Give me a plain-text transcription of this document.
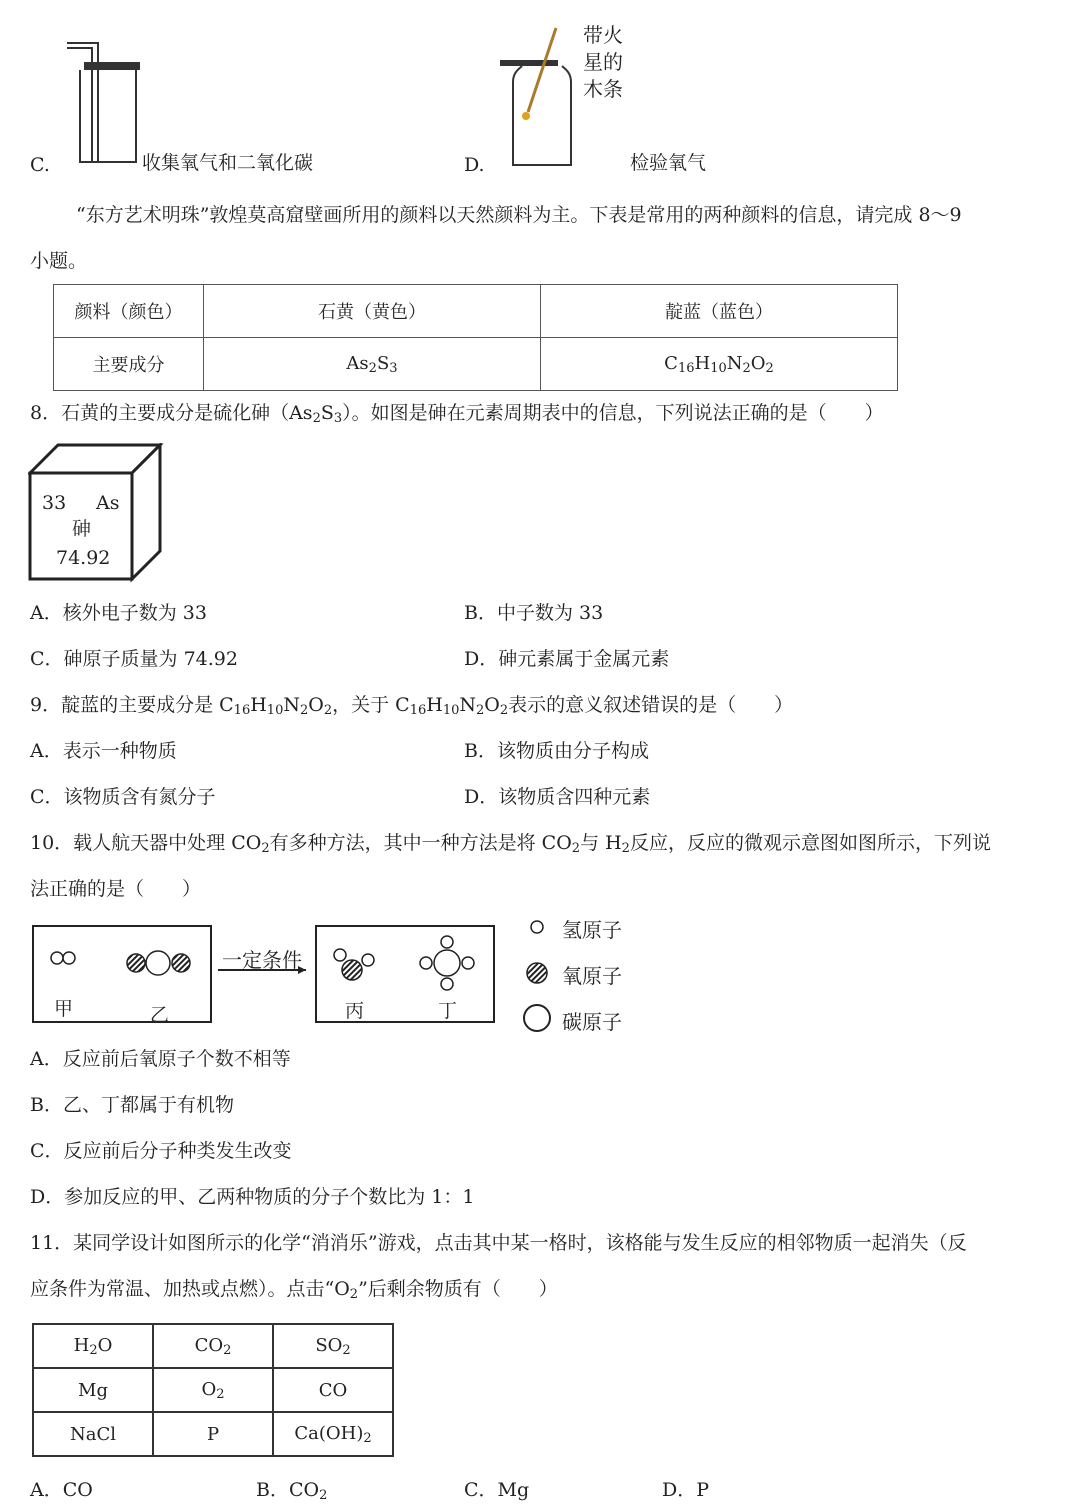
C.	收集氧气和二氧化碳
带火
星的
木条
D.	检验氧气
“东方艺术明珠”敦煌莫高窟壁画所用的颜料以天然颜料为主。下表是常用的两种颜料的信息，请完成 8～9
小题。
颜料（颜色）	石黄（黄色）	靛蓝（蓝色）
主要成分	$As_2S_3$	$C_{16}H_{10}N_2O_2$
8．石黄的主要成分是硫化砷$(As_2S_3)$。如图是砷在元素周期表中的信息，下列说法正确的是（　　）
33 As
砷
74.92
A．核外电子数为 33	B．中子数为 33
C．砷原子质量为 74.92	D．砷元素属于金属元素
9．靛蓝的主要成分是 $C_{16}H_{10}N_2O_2$，关于 $C_{16}H_{10}N_2O_2$表示的意义叙述错误的是（　　）
A．表示一种物质	B．该物质由分子构成
C．该物质含有氮分子	D．该物质含四种元素
10．载人航天器中处理 $CO_2$有多种方法，其中一种方法是将 $CO_2$与 $H_2$反应，反应的微观示意图如图所示，下列说
法正确的是（　　）
甲	乙	丙	丁
一定条件
氢原子
氧原子
碳原子
A．反应前后氧原子个数不相等
B．乙、丁都属于有机物
C．反应前后分子种类发生改变
D．参加反应的甲、乙两种物质的分子个数比为 1：1
11．某同学设计如图所示的化学“消消乐”游戏，点击其中某一格时，该格能与发生反应的相邻物质一起消失（反
应条件为常温、加热或点燃）。点击“$O_2$”后剩余物质有（　　）
$H_2O$	$CO_2$	$SO_2$
Mg	$O_2$	CO
NaCl	P	$Ca(OH)_2$
A．CO	B．$CO_2$	C．Mg	D．P
